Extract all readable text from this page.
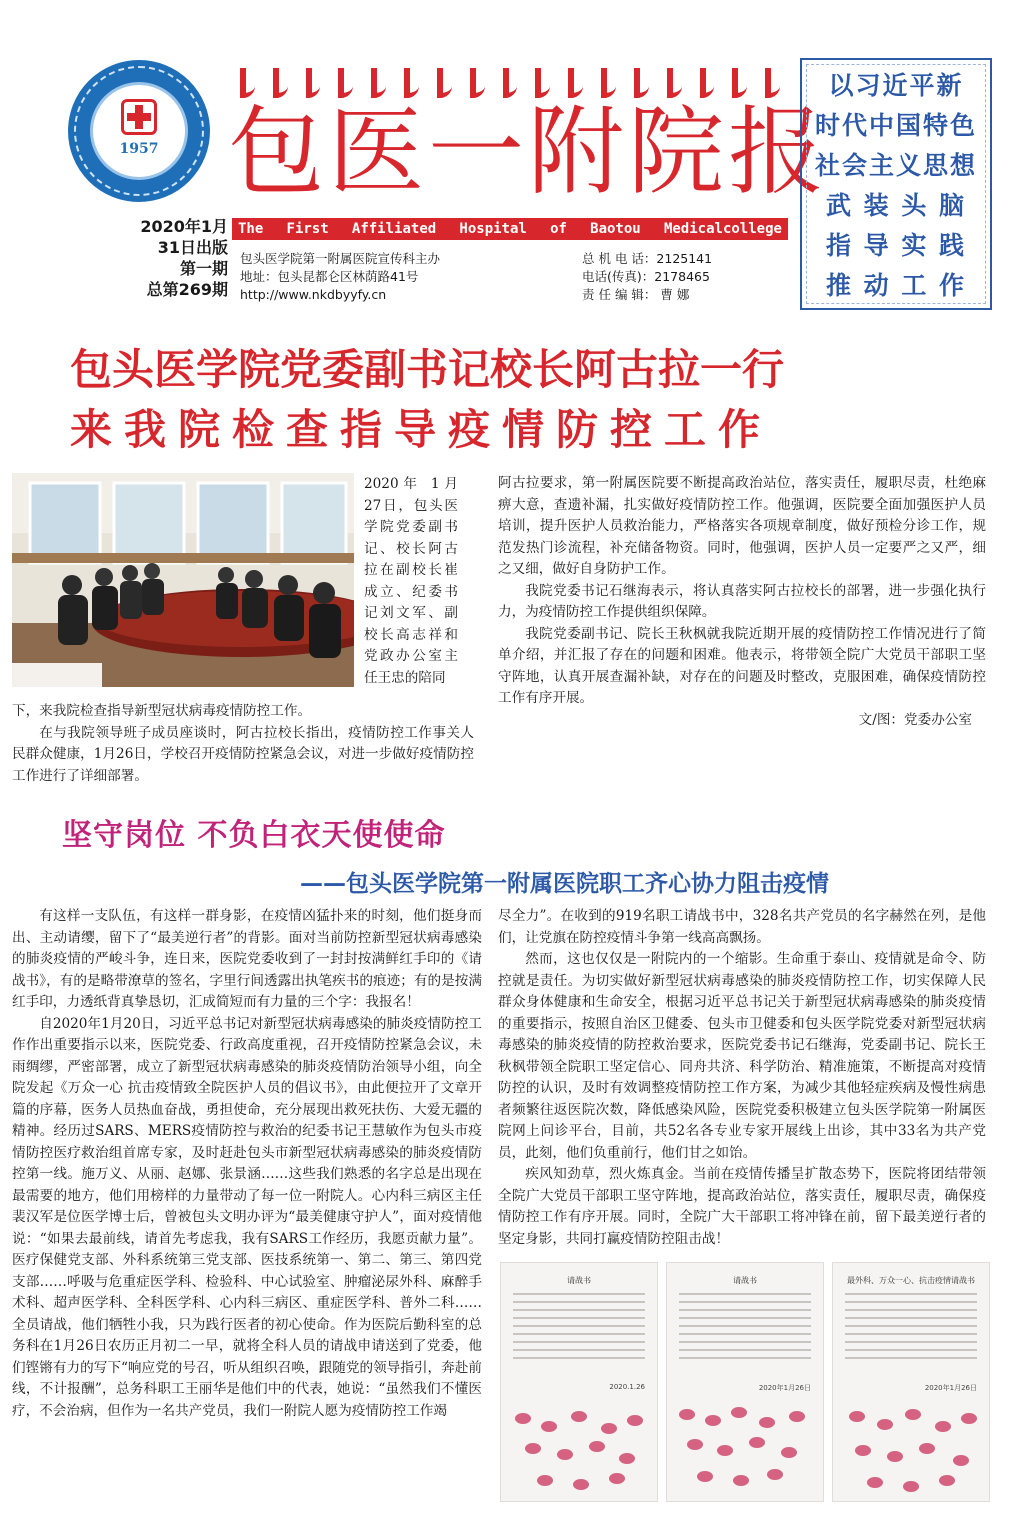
1957 包医一附院报
The First Affiliated Hospital of Baotou Medicalcollege
2020年1月
31日出版
第一期
总第269期
包头医学院第一附属医院宣传科主办
地址：包头昆都仑区林荫路41号
http://www.nkdbyyfy.cn
总 机 电 话：2125141
电话(传真)：2178465
责 任 编 辑： 曹 娜
以习近平新
时代中国特色
社会主义思想
武 装 头 脑
指 导 实 践
推 动 工 作
包头医学院党委副书记校长阿古拉一行
来我院检查指导疫情防控工作
2020年 1月 27日，包头医学院党委副书记、校长阿古拉在副校长崔成立、纪委书记刘文军、副校长高志祥和党政办公室主任王忠的陪同

下，来我院检查指导新型冠状病毒疫情防控工作。

在与我院领导班子成员座谈时，阿古拉校长指出，疫情防控工作事关人民群众健康，1月26日，学校召开疫情防控紧急会议，对进一步做好疫情防控工作进行了详细部署。

阿古拉要求，第一附属医院要不断提高政治站位，落实责任，履职尽责，杜绝麻痹大意，查遗补漏，扎实做好疫情防控工作。他强调，医院要全面加强医护人员培训，提升医护人员救治能力，严格落实各项规章制度，做好预检分诊工作，规范发热门诊流程，补充储备物资。同时，他强调，医护人员一定要严之又严，细之又细，做好自身防护工作。

我院党委书记石继海表示，将认真落实阿古拉校长的部署，进一步强化执行力，为疫情防控工作提供组织保障。

我院党委副书记、院长王秋枫就我院近期开展的疫情防控工作情况进行了简单介绍，并汇报了存在的问题和困难。他表示，将带领全院广大党员干部职工坚守阵地，认真开展查漏补缺，对存在的问题及时整改，克服困难，确保疫情防控工作有序开展。

文/图：党委办公室
坚守岗位 不负白衣天使使命
——包头医学院第一附属医院职工齐心协力阻击疫情

有这样一支队伍，有这样一群身影，在疫情凶猛扑来的时刻，他们挺身而出、主动请缨，留下了“最美逆行者”的背影。面对当前防控新型冠状病毒感染的肺炎疫情的严峻斗争，连日来，医院党委收到了一封封按满鲜红手印的《请战书》，有的是略带潦草的签名，字里行间透露出执笔疾书的痕迹；有的是按满红手印，力透纸背真挚恳切，汇成简短而有力量的三个字：我报名！

自2020年1月20日，习近平总书记对新型冠状病毒感染的肺炎疫情防控工作作出重要指示以来，医院党委、行政高度重视，召开疫情防控紧急会议，未雨绸缪，严密部署，成立了新型冠状病毒感染的肺炎疫情防治领导小组，向全院发起《万众一心 抗击疫情致全院医护人员的倡议书》，由此便拉开了文章开篇的序幕，医务人员热血奋战，勇担使命，充分展现出救死扶伤、大爱无疆的精神。经历过SARS、MERS疫情防控与救治的纪委书记王慧敏作为包头市疫情防控医疗救治组首席专家，及时赶赴包头市新型冠状病毒感染的肺炎疫情防控第一线。施万义、从丽、赵娜、张景涵……这些我们熟悉的名字总是出现在最需要的地方，他们用榜样的力量带动了每一位一附院人。心内科三病区主任裴汉军是位医学博士后，曾被包头文明办评为“最美健康守护人”，面对疫情他说：“如果去最前线，请首先考虑我，我有SARS工作经历，我愿贡献力量”。医疗保健党支部、外科系统第三党支部、医技系统第一、第二、第三、第四党支部……呼吸与危重症医学科、检验科、中心试验室、肿瘤泌尿外科、麻醉手术科、超声医学科、全科医学科、心内科三病区、重症医学科、普外二科……全员请战，他们牺牲小我，只为践行医者的初心使命。作为医院后勤科室的总务科在1月26日农历正月初二一早，就将全科人员的请战申请送到了党委，他们铿锵有力的写下“响应党的号召，听从组织召唤，跟随党的领导指引，奔赴前线，不计报酬”，总务科职工王丽华是他们中的代表，她说：“虽然我们不懂医疗，不会治病，但作为一名共产党员，我们一附院人愿为疫情防控工作竭

尽全力”。在收到的919名职工请战书中，328名共产党员的名字赫然在列，是他们，让党旗在防控疫情斗争第一线高高飘扬。

然而，这也仅仅是一附院内的一个缩影。生命重于泰山、疫情就是命令、防控就是责任。为切实做好新型冠状病毒感染的肺炎疫情防控工作，切实保障人民群众身体健康和生命安全，根据习近平总书记关于新型冠状病毒感染的肺炎疫情的重要指示，按照自治区卫健委、包头市卫健委和包头医学院党委对新型冠状病毒感染的肺炎疫情的防控救治要求，医院党委书记石继海，党委副书记、院长王秋枫带领全院职工坚定信心、同舟共济、科学防治、精准施策，不断提高对疫情防控的认识，及时有效调整疫情防控工作方案，为减少其他轻症疾病及慢性病患者频繁往返医院次数，降低感染风险，医院党委积极建立包头医学院第一附属医院网上问诊平台，目前，共52名各专业专家开展线上出诊，其中33名为共产党员，此刻，他们负重前行，他们甘之如饴。

疾风知劲草，烈火炼真金。当前在疫情传播呈扩散态势下，医院将团结带领全院广大党员干部职工坚守阵地，提高政治站位，落实责任，履职尽责，确保疫情防控工作有序开展。同时，全院广大干部职工将冲锋在前，留下最美逆行者的坚定身影，共同打赢疫情防控阻击战！

请战书
2020.1.26
请战书
2020年1月26日
最外科、万众一心、抗击疫情请战书
2020年1月26日
